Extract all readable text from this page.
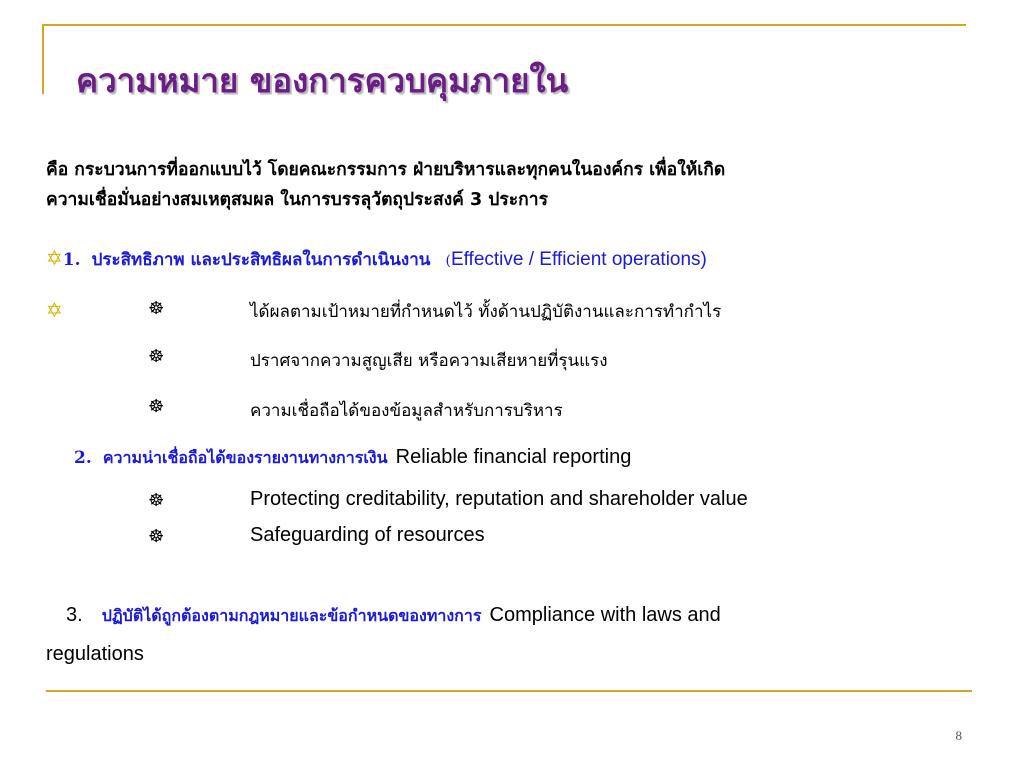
ความหมาย ของการควบคุมภายใน
คือ กระบวนการที่ออกแบบไว้ โดยคณะกรรมการ ฝ่ายบริหารและทุกคนในองค์กร เพื่อให้เกิด
ความเชื่อมั่นอย่างสมเหตุสมผล ในการบรรลุวัตถุประสงค์ 3 ประการ
✡1. ประสิทธิภาพ และประสิทธิผลในการดำเนินงาน (Effective / Efficient operations)
✡	☸	ได้ผลตามเป้าหมายที่กำหนดไว้ ทั้งด้านปฏิบัติงานและการทำกำไร
☸	ปราศจากความสูญเสีย หรือความเสียหายที่รุนแรง
☸	ความเชื่อถือได้ของข้อมูลสำหรับการบริหาร
2. ความน่าเชื่อถือได้ของรายงานทางการเงิน Reliable financial reporting
☸	Protecting creditability, reputation and shareholder value
☸	Safeguarding of resources
3. ปฏิบัติได้ถูกต้องตามกฎหมายและข้อกำหนดของทางการ Compliance with laws and
regulations
8
